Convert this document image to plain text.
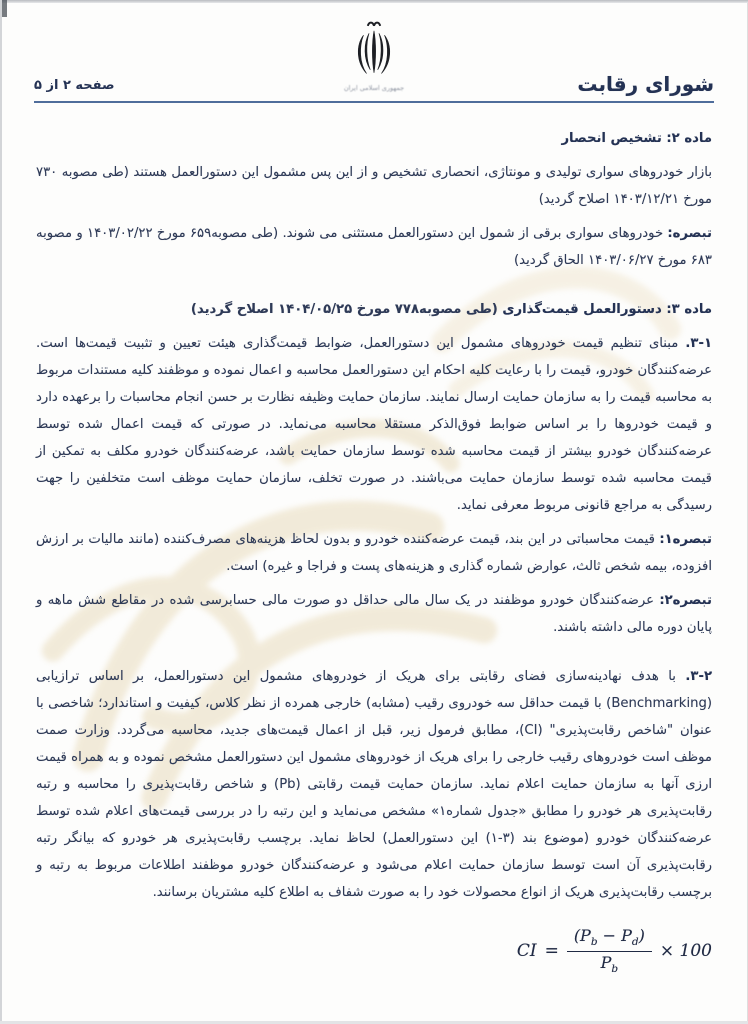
جمهوری اسلامی ایران	شورای رقابت
صفحه ۲ از ۵

ماده ۲: تشخیص انحصار

بازار خودروهای سواری تولیدی و مونتاژی، انحصاری تشخیص و از این پس مشمول این دستورالعمل هستند (طی مصوبه ۷۳۰ مورخ ۱۴۰۳/۱۲/۲۱ اصلاح گردید)

تبصره: خودروهای سواری برقی از شمول این دستورالعمل مستثنی می شوند. (طی مصوبه۶۵۹ مورخ ۱۴۰۳/۰۲/۲۲ و مصوبه ۶۸۳ مورخ ۱۴۰۳/۰۶/۲۷ الحاق گردید)

ماده ۳: دستورالعمل قیمت‌گذاری (طی مصوبه۷۷۸ مورخ ۱۴۰۴/۰۵/۲۵ اصلاح گردید)

۳-۱. مبنای تنظیم قیمت خودروهای مشمول این دستورالعمل، ضوابط قیمت‌گذاری هیئت تعیین و تثبیت قیمت‌ها است. عرضه‌کنندگان خودرو، قیمت را با رعایت کلیه احکام این دستورالعمل محاسبه و اعمال نموده و موظفند کلیه مستندات مربوط به محاسبه قیمت را به سازمان حمایت ارسال نمایند. سازمان حمایت وظیفه نظارت بر حسن انجام محاسبات را برعهده دارد و قیمت خودروها را بر اساس ضوابط فوق‌الذکر مستقلا محاسبه می‌نماید. در صورتی که قیمت اعمال شده توسط عرضه‌کنندگان خودرو بیشتر از قیمت محاسبه شده توسط سازمان حمایت باشد، عرضه‌کنندگان خودرو مکلف به تمکین از قیمت محاسبه شده توسط سازمان حمایت می‌باشند. در صورت تخلف، سازمان حمایت موظف است متخلفین را جهت رسیدگی به مراجع قانونی مربوط معرفی نماید.

تبصره۱: قیمت محاسباتی در این بند، قیمت عرضه‌کننده خودرو و بدون لحاظ هزینه‌های مصرف‌کننده (مانند مالیات بر ارزش افزوده، بیمه شخص ثالث، عوارض شماره گذاری و هزینه‌های پست و فراجا و غیره) است.

تبصره۲: عرضه‌کنندگان خودرو موظفند در یک سال مالی حداقل دو صورت مالی حسابرسی شده در مقاطع شش ماهه و پایان دوره مالی داشته باشند.

۳-۲. با هدف نهادینه‌سازی فضای رقابتی برای هریک از خودروهای مشمول این دستورالعمل، بر اساس ترازیابی (Benchmarking) با قیمت حداقل سه خودروی رقیب (مشابه) خارجی همرده از نظر کلاس، کیفیت و استاندارد؛ شاخصی با عنوان "شاخص رقابت‌پذیری" (CI)، مطابق فرمول زیر، قبل از اعمال قیمت‌های جدید، محاسبه می‌گردد. وزارت صمت موظف است خودروهای رقیب خارجی را برای هریک از خودروهای مشمول این دستورالعمل مشخص نموده و به همراه قیمت ارزی آنها به سازمان حمایت اعلام نماید. سازمان حمایت قیمت رقابتی (Pb) و شاخص رقابت‌پذیری را محاسبه و رتبه رقابت‌پذیری هر خودرو را مطابق «جدول شماره۱» مشخص می‌نماید و این رتبه را در بررسی قیمت‌های اعلام شده توسط عرضه‌کنندگان خودرو (موضوع بند (۳-۱) این دستورالعمل) لحاظ نماید. برچسب رقابت‌پذیری هر خودرو که بیانگر رتبه رقابت‌پذیری آن است توسط سازمان حمایت اعلام می‌شود و عرضه‌کنندگان خودرو موظفند اطلاعات مربوط به رتبه و برچسب رقابت‌پذیری هریک از انواع محصولات خود را به صورت شفاف به اطلاع کلیه مشتریان برسانند.

CI = $\frac{(P_b - P_d)}{P_b} \times 100$
